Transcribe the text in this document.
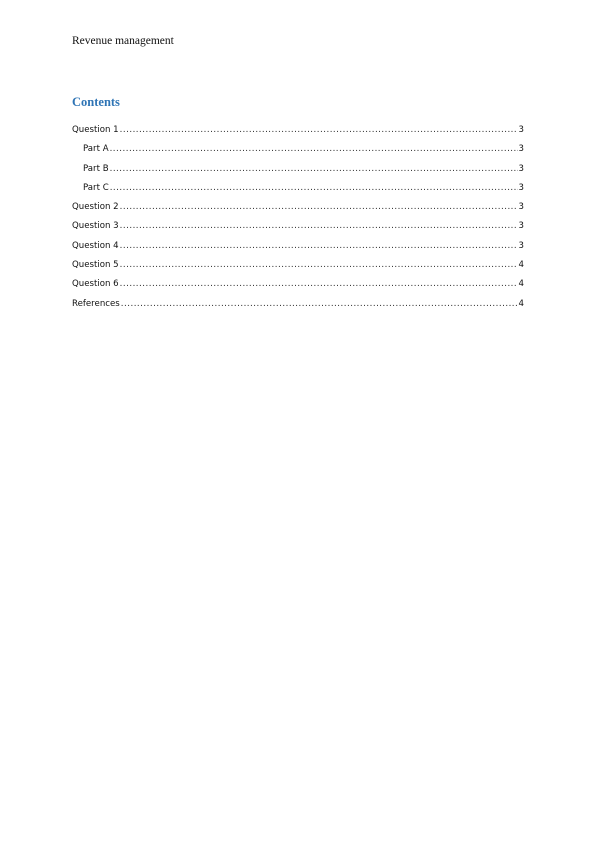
Revenue management
Contents
Question 1 .....	3
Part A .....	3
Part B .....	3
Part C .....	3
Question 2 .....	3
Question 3 .....	3
Question 4 .....	3
Question 5 .....	4
Question 6 .....	4
References .....	4
